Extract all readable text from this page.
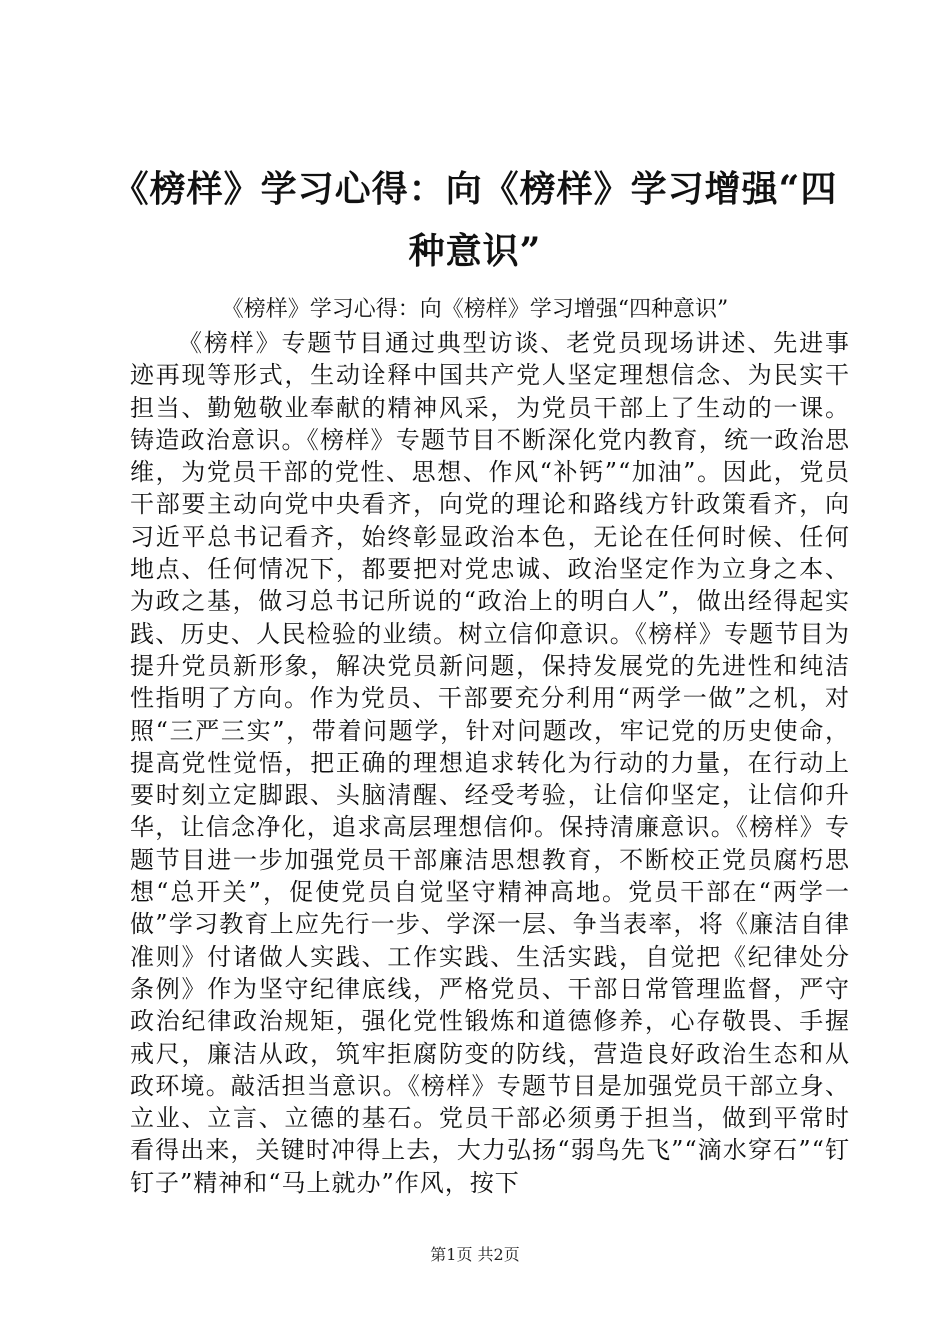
《榜样》学习心得：向《榜样》学习增强“四种意识”

《榜样》学习心得：向《榜样》学习增强“四种意识”

《榜样》专题节目通过典型访谈、老党员现场讲述、先进事迹再现等形式，生动诠释中国共产党人坚定理想信念、为民实干担当、勤勉敬业奉献的精神风采，为党员干部上了生动的一课。铸造政治意识。《榜样》专题节目不断深化党内教育，统一政治思维，为党员干部的党性、思想、作风“补钙”“加油”。因此，党员干部要主动向党中央看齐，向党的理论和路线方针政策看齐，向习近平总书记看齐，始终彰显政治本色，无论在任何时候、任何地点、任何情况下，都要把对党忠诚、政治坚定作为立身之本、为政之基，做习总书记所说的“政治上的明白人”，做出经得起实践、历史、人民检验的业绩。树立信仰意识。《榜样》专题节目为提升党员新形象，解决党员新问题，保持发展党的先进性和纯洁性指明了方向。作为党员、干部要充分利用“两学一做”之机，对照“三严三实”，带着问题学，针对问题改，牢记党的历史使命，提高党性觉悟，把正确的理想追求转化为行动的力量，在行动上要时刻立定脚跟、头脑清醒、经受考验，让信仰坚定，让信仰升华，让信念净化，追求高层理想信仰。保持清廉意识。《榜样》专题节目进一步加强党员干部廉洁思想教育，不断校正党员腐朽思想“总开关”，促使党员自觉坚守精神高地。党员干部在“两学一做”学习教育上应先行一步、学深一层、争当表率，将《廉洁自律准则》付诸做人实践、工作实践、生活实践，自觉把《纪律处分条例》作为坚守纪律底线，严格党员、干部日常管理监督，严守政治纪律政治规矩，强化党性锻炼和道德修养，心存敬畏、手握戒尺，廉洁从政，筑牢拒腐防变的防线，营造良好政治生态和从政环境。敲活担当意识。《榜样》专题节目是加强党员干部立身、立业、立言、立德的基石。党员干部必须勇于担当，做到平常时看得出来，关键时冲得上去，大力弘扬“弱鸟先飞”“滴水穿石”“钉钉子”精神和“马上就办”作风，按下

第1页 共2页
